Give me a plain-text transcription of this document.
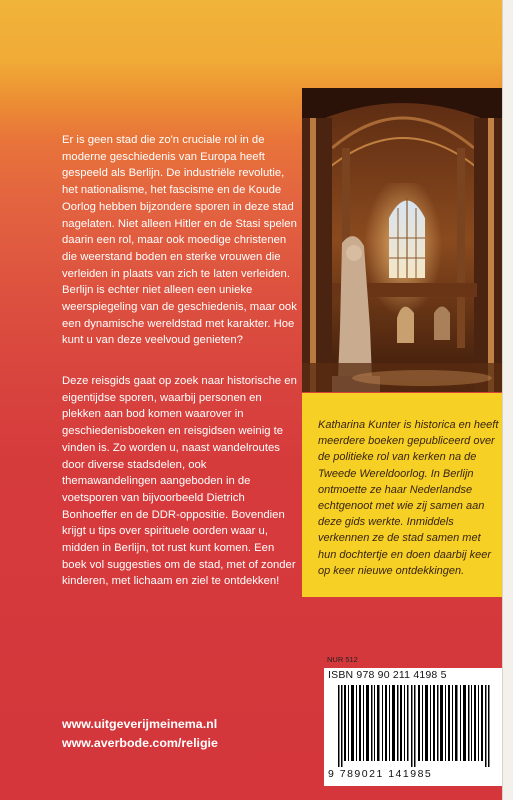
Er is geen stad die zo'n cruciale rol in de moderne geschiedenis van Europa heeft gespeeld als Berlijn. De industriële revolutie, het nationalisme, het fascisme en de Koude Oorlog hebben bijzondere sporen in deze stad nagelaten. Niet alleen Hitler en de Stasi spelen daarin een rol, maar ook moedige christenen die weerstand boden en sterke vrouwen die verleiden in plaats van zich te laten verleiden. Berlijn is echter niet alleen een unieke weerspiegeling van de geschiedenis, maar ook een dynamische wereldstad met karakter. Hoe kunt u van deze veelvoud genieten?

Deze reisgids gaat op zoek naar historische en eigentijdse sporen, waarbij personen en plekken aan bod komen waarover in geschiedenisboeken en reisgidsen weinig te vinden is. Zo worden u, naast wandelroutes door diverse stadsdelen, ook themawandelingen aangeboden in de voetsporen van bijvoorbeeld Dietrich Bonhoeffer en de DDR-oppositie. Bovendien krijgt u tips over spirituele oorden waar u, midden in Berlijn, tot rust kunt komen. Een boek vol suggesties om de stad, met of zonder kinderen, met lichaam en ziel te ontdekken!

Katharina Kunter is historica en heeft meerdere boeken gepubliceerd over de politieke rol van kerken na de Tweede Wereldoorlog. In Berlijn ontmoette ze haar Nederlandse echtgenoot met wie zij samen aan deze gids werkte. Inmiddels verkennen ze de stad samen met hun dochtertje en doen daarbij keer op keer nieuwe ontdekkingen.

NUR 512
ISBN 978 90 211 4198 5
9 789021 141985
www.uitgeverijmeinema.nl
www.averbode.com/religie
